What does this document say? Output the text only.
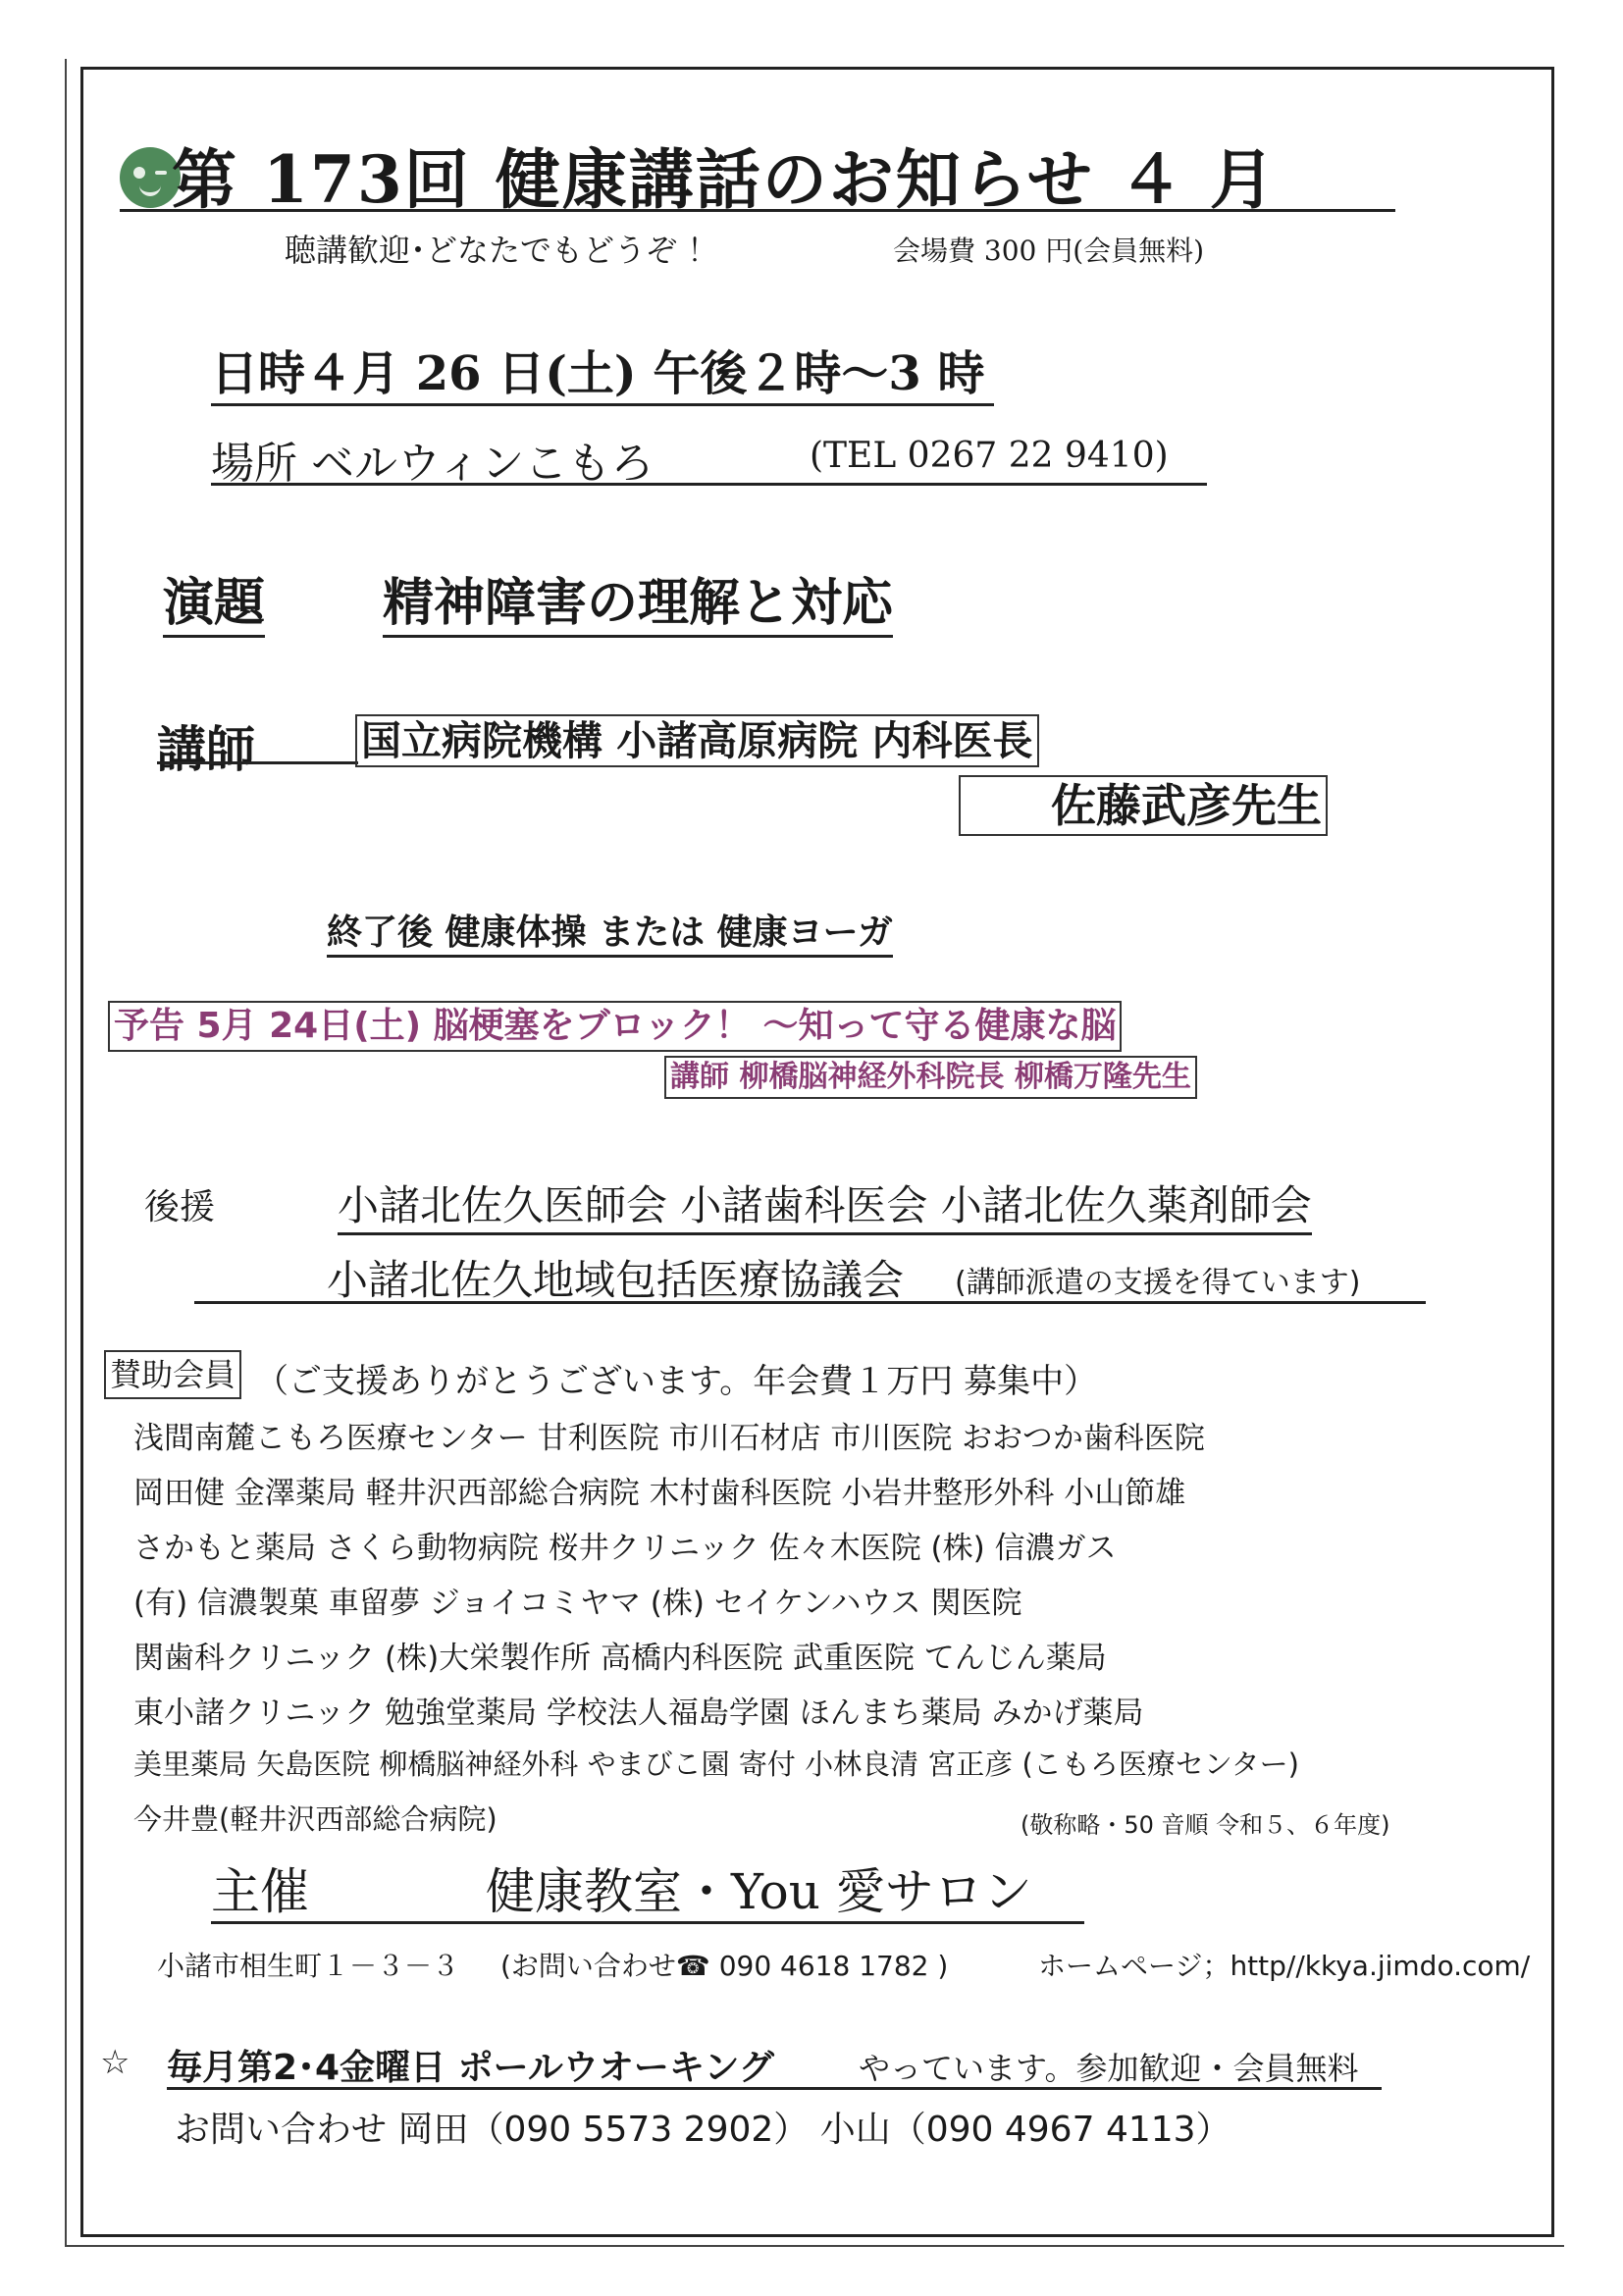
第 173回 健康講話のお知らせ ４ 月
聴講歓迎･どなたでもどうぞ ！	会場費 300 円(会員無料)
日時４月 26 日(土) 午後２時～3 時
場所 ベルウィンこもろ	(TEL 0267 22 9410)
演題 精神障害の理解と対応
講師	国立病院機構 小諸高原病院 内科医長
佐藤武彦先生
終了後 健康体操 または 健康ヨーガ
予告 5月 24日(土) 脳梗塞をブロック！ ～知って守る健康な脳
講師 柳橋脳神経外科院長 柳橋万隆先生
後援	小諸北佐久医師会 小諸歯科医会 小諸北佐久薬剤師会
小諸北佐久地域包括医療協議会 (講師派遣の支援を得ています)
賛助会員 （ご支援ありがとうございます。年会費１万円 募集中）
浅間南麓こもろ医療センター 甘利医院 市川石材店 市川医院 おおつか歯科医院
岡田健 金澤薬局 軽井沢西部総合病院 木村歯科医院 小岩井整形外科 小山節雄
さかもと薬局 さくら動物病院 桜井クリニック 佐々木医院 (株) 信濃ガス
(有) 信濃製菓 車留夢 ジョイコミヤマ (株) セイケンハウス 関医院
関歯科クリニック (株)大栄製作所 高橋内科医院 武重医院 てんじん薬局
東小諸クリニック 勉強堂薬局 学校法人福島学園 ほんまち薬局 みかげ薬局
美里薬局 矢島医院 柳橋脳神経外科 やまびこ園 寄付 小林良清 宮正彦 (こもろ医療センター)
今井豊(軽井沢西部総合病院)	(敬称略・50 音順 令和５、６年度)
主催	健康教室・You 愛サロン
小諸市相生町１－３－３ (お問い合わせ☎ 090 4618 1782 )	ホームページ；http//kkya.jimdo.com/
☆ 毎月第2･4金曜日 ポールウオーキング	やっています。参加歓迎・会員無料
お問い合わせ 岡田（090 5573 2902） 小山（090 4967 4113）
